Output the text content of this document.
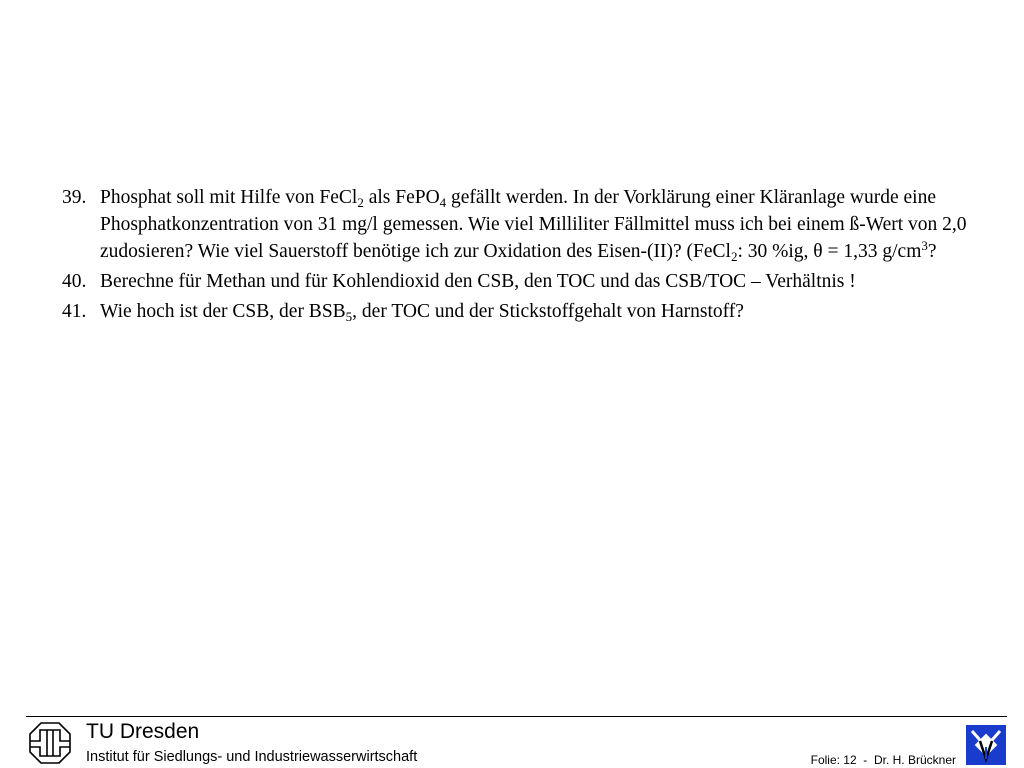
39. Phosphat soll mit Hilfe von FeCl$_2$ als FePO$_4$ gefällt werden. In der Vorklärung einer Kläranlage wurde eine Phosphatkonzentration von 31 mg/l gemessen. Wie viel Milliliter Fällmittel muss ich bei einem ß-Wert von 2,0 zudosieren? Wie viel Sauerstoff benötige ich zur Oxidation des Eisen-(II)? (FeCl$_2$: 30 %ig, θ = 1,33 $g/cm^3$?
40. Berechne für Methan und für Kohlendioxid den CSB, den TOC und das CSB/TOC – Verhältnis !
41. Wie hoch ist der CSB, der $BSB_5$, der TOC und der Stickstoffgehalt von Harnstoff?
TU Dresden
Institut für Siedlungs- und Industriewasserwirtschaft	Folie: 12  -  Dr. H. Brückner
